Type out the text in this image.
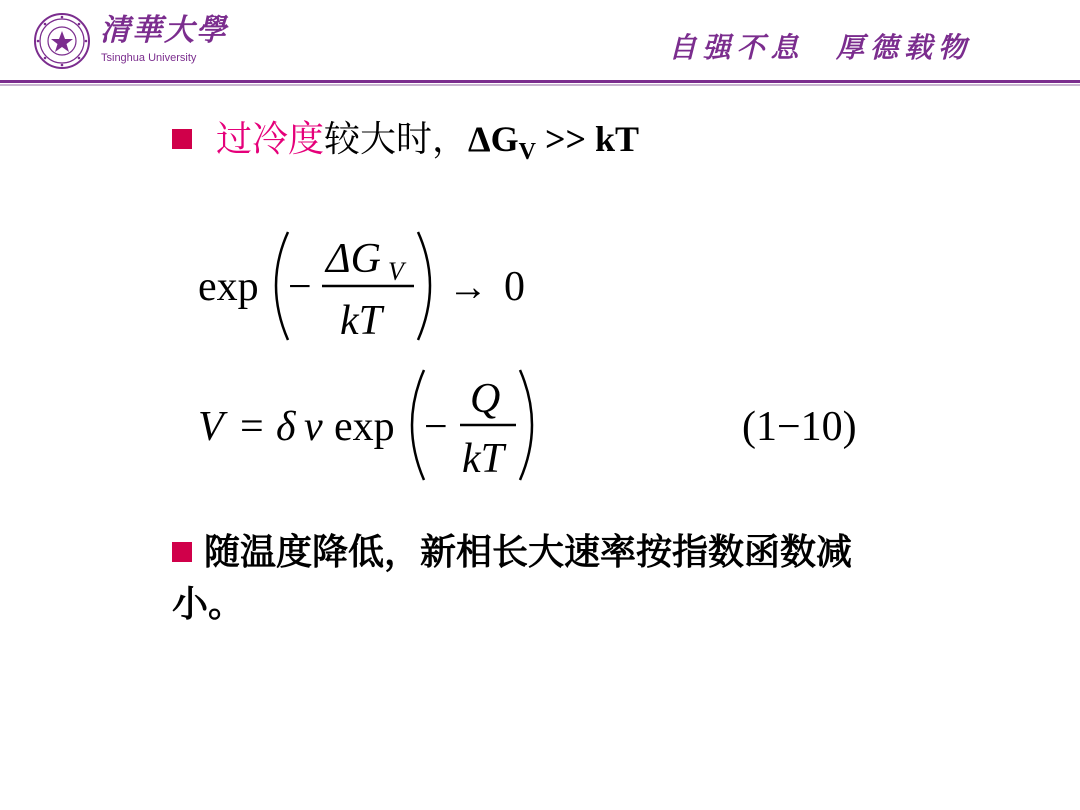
清華大學
Tsinghua University	自强不息  厚德载物
过冷度较大时，$\Delta G_V$ >> kT
exp −
ΔG V
kT
→ 0
V = δ ν exp −
Q
kT
(1−10)
随温度降低，新相长大速率按指数函数减小。
